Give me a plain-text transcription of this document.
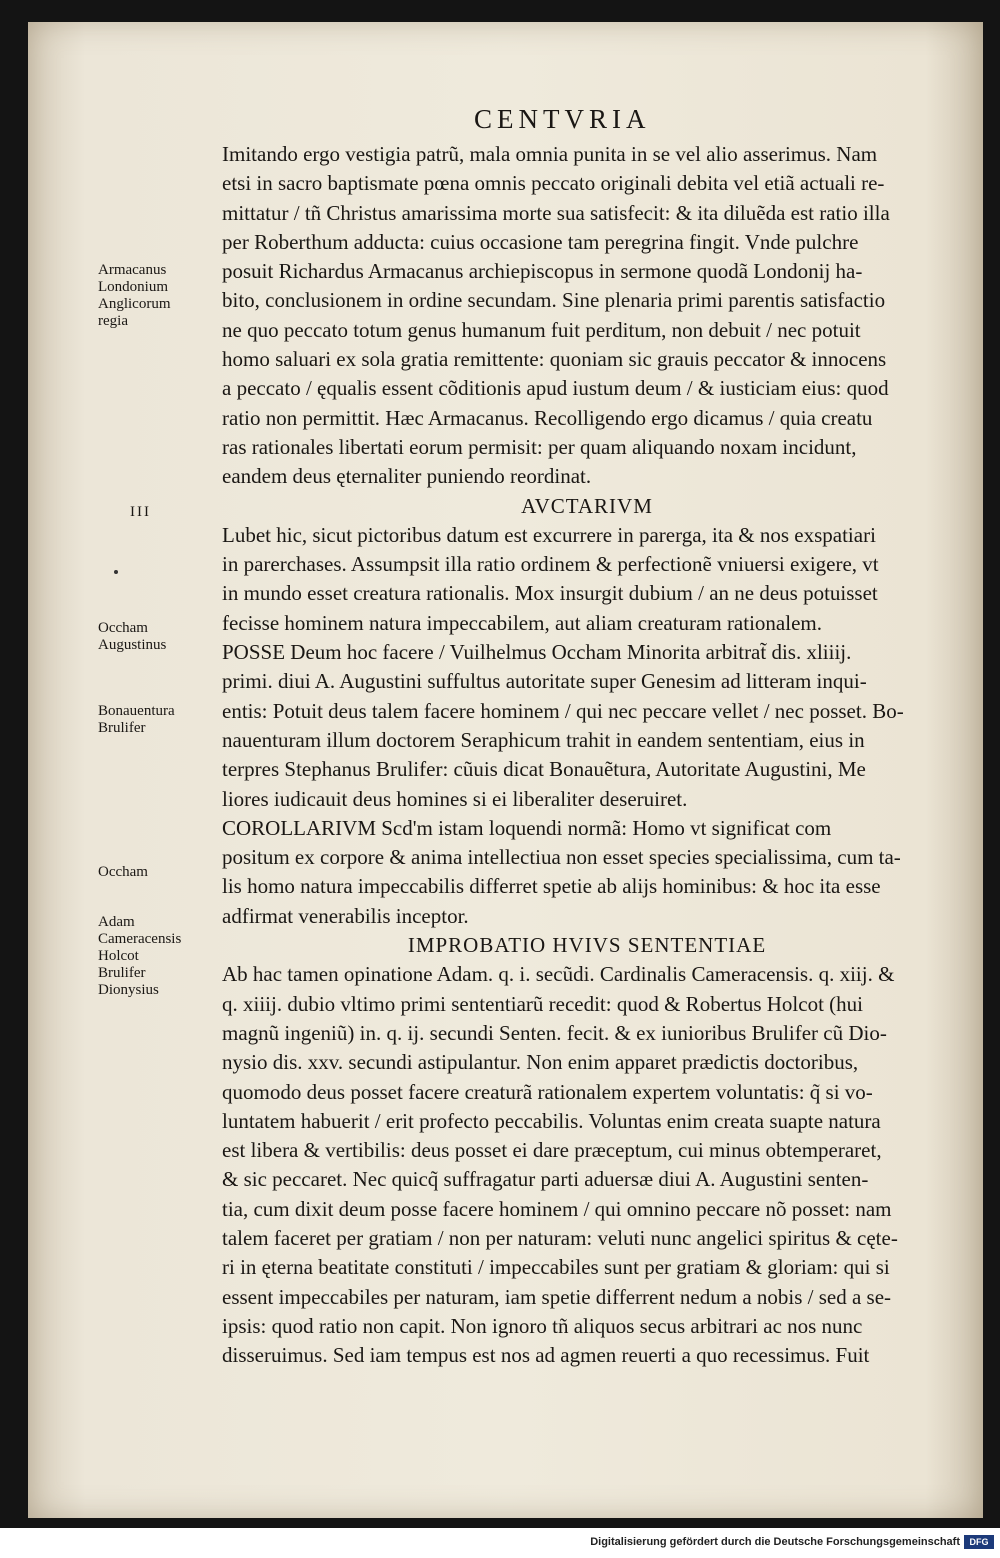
CENTVRIA
Imitando ergo vestigia patrũ, mala omnia punita in se vel alio asserimus. Nam
etsi in sacro baptismate pœna omnis peccato originali debita vel etiã actuali re-
mittatur / tñ Christus amarissima morte sua satisfecit: & ita diluẽda est ratio illa
per Roberthum adducta: cuius occasione tam peregrina fingit. Vnde pulchre
posuit Richardus Armacanus archiepiscopus in sermone quodã Londonij ha-
bito, conclusionem in ordine secundam. Sine plenaria primi parentis satisfactio
ne quo peccato totum genus humanum fuit perditum, non debuit / nec potuit
homo saluari ex sola gratia remittente: quoniam sic grauis peccator & innocens
a peccato / ęqualis essent cõditionis apud iustum deum / & iusticiam eius: quod
ratio non permittit. Hæc Armacanus. Recolligendo ergo dicamus / quia creatu
ras rationales libertati eorum permisit: per quam aliquando noxam incidunt,
eandem deus ęternaliter puniendo reordinat.
AVCTARIVM
Lubet hic, sicut pictoribus datum est excurrere in parerga, ita & nos exspatiari
in parerchases. Assumpsit illa ratio ordinem & perfectionẽ vniuersi exigere, vt
in mundo esset creatura rationalis. Mox insurgit dubium / an ne deus potuisset
fecisse hominem natura impeccabilem, aut aliam creaturam rationalem.
POSSE Deum hoc facere / Vuilhelmus Occham Minorita arbitrat̃ dis. xliiij.
primi. diui A. Augustini suffultus autoritate super Genesim ad litteram inqui-
entis: Potuit deus talem facere hominem / qui nec peccare vellet / nec posset. Bo-
nauenturam illum doctorem Seraphicum trahit in eandem sententiam, eius in
terpres Stephanus Brulifer: cũuis dicat Bonauẽtura, Autoritate Augustini, Me
liores iudicauit deus homines si ei liberaliter deseruiret.
COROLLARIVM Scd'm istam loquendi normã: Homo vt significat com
positum ex corpore & anima intellectiua non esset species specialissima, cum ta-
lis homo natura impeccabilis differret spetie ab alijs hominibus: & hoc ita esse
adfirmat venerabilis inceptor.
IMPROBATIO HVIVS SENTENTIAE
Ab hac tamen opinatione Adam. q. i. secũdi. Cardinalis Cameracensis. q. xiij. &
q. xiiij. dubio vltimo primi sententiarũ recedit: quod & Robertus Holcot (hui
magnũ ingeniũ) in. q. ij. secundi Senten. fecit. & ex iunioribus Brulifer cũ Dio-
nysio dis. xxv. secundi astipulantur. Non enim apparet prædictis doctoribus,
quomodo deus posset facere creaturã rationalem expertem voluntatis: q̃ si vo-
luntatem habuerit / erit profecto peccabilis. Voluntas enim creata suapte natura
est libera & vertibilis: deus posset ei dare præceptum, cui minus obtemperaret,
& sic peccaret. Nec quicq̃ suffragatur parti aduersæ diui A. Augustini senten-
tia, cum dixit deum posse facere hominem / qui omnino peccare nõ posset: nam
talem faceret per gratiam / non per naturam: veluti nunc angelici spiritus & cęte-
ri in ęterna beatitate constituti / impeccabiles sunt per gratiam & gloriam: qui si
essent impeccabiles per naturam, iam spetie differrent nedum a nobis / sed a se-
ipsis: quod ratio non capit. Non ignoro tñ aliquos secus arbitrari ac nos nunc
disseruimus. Sed iam tempus est nos ad agmen reuerti a quo recessimus. Fuit
Armacanus
Londonium
Anglicorum
regia
III
Occham
Augustinus
Bonauentura
Brulifer
Occham
Adam
Cameracensis
Holcot
Brulifer
Dionysius
Digitalisierung gefördert durch die Deutsche Forschungsgemeinschaft	DFG
